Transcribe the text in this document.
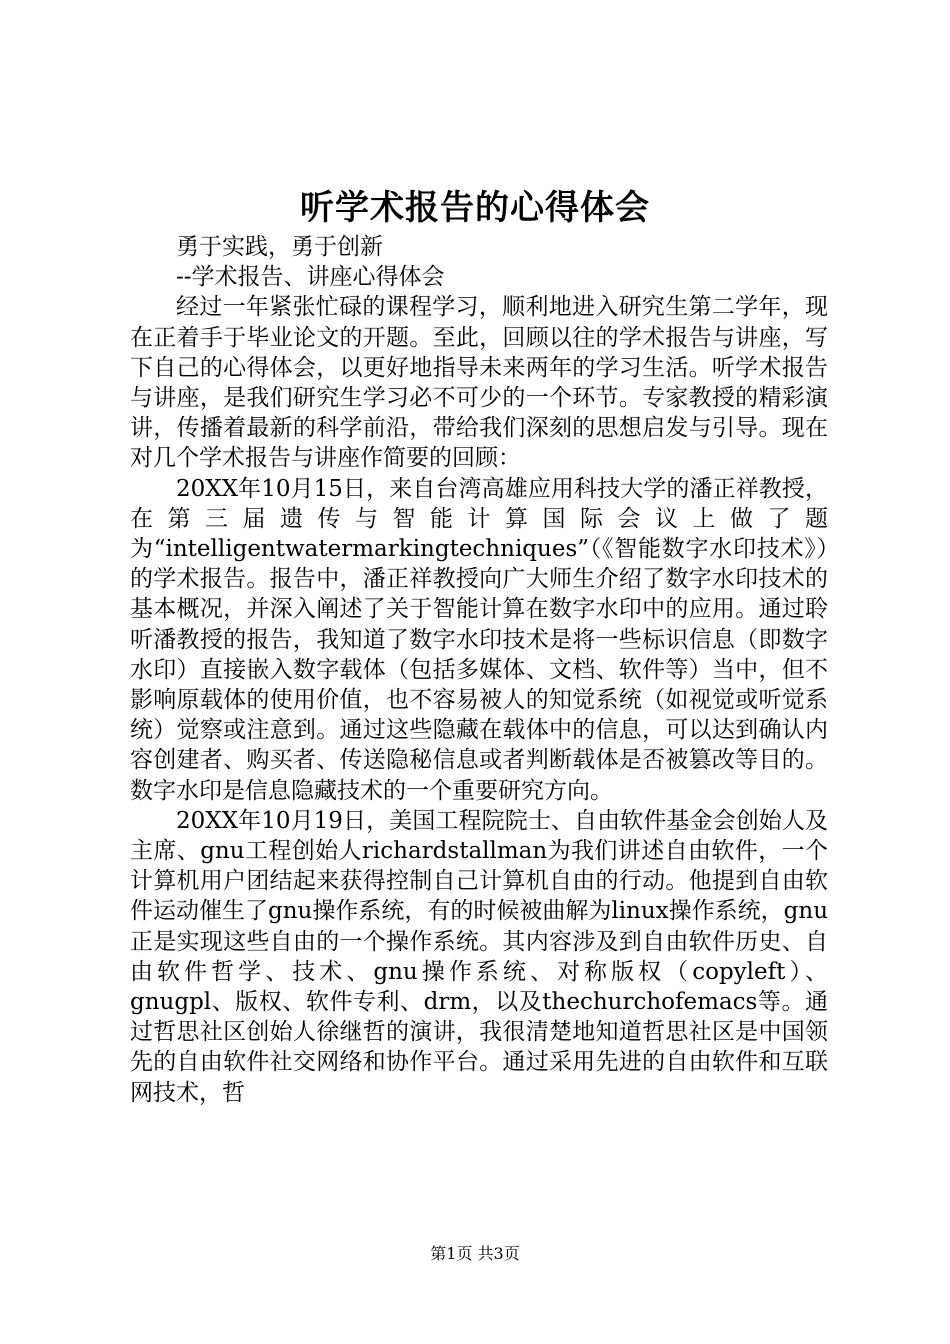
听学术报告的心得体会

勇于实践，勇于创新

--学术报告、讲座心得体会

经过一年紧张忙碌的课程学习，顺利地进入研究生第二学年，现在正着手于毕业论文的开题。至此，回顾以往的学术报告与讲座，写下自己的心得体会，以更好地指导未来两年的学习生活。听学术报告与讲座，是我们研究生学习必不可少的一个环节。专家教授的精彩演讲，传播着最新的科学前沿，带给我们深刻的思想启发与引导。现在对几个学术报告与讲座作简要的回顾：

20XX年10月15日，来自台湾高雄应用科技大学的潘正祥教授，在第三届遗传与智能计算国际会议上做了题为“intelligentwatermarkingtechniques”（《智能数字水印技术》）的学术报告。报告中，潘正祥教授向广大师生介绍了数字水印技术的基本概况，并深入阐述了关于智能计算在数字水印中的应用。通过聆听潘教授的报告，我知道了数字水印技术是将一些标识信息（即数字水印）直接嵌入数字载体（包括多媒体、文档、软件等）当中，但不影响原载体的使用价值，也不容易被人的知觉系统（如视觉或听觉系统）觉察或注意到。通过这些隐藏在载体中的信息，可以达到确认内容创建者、购买者、传送隐秘信息或者判断载体是否被篡改等目的。数字水印是信息隐藏技术的一个重要研究方向。

20XX年10月19日，美国工程院院士、自由软件基金会创始人及主席、gnu工程创始人richardstallman为我们讲述自由软件，一个计算机用户团结起来获得控制自己计算机自由的行动。他提到自由软件运动催生了gnu操作系统，有的时候被曲解为linux操作系统，gnu正是实现这些自由的一个操作系统。其内容涉及到自由软件历史、自由软件哲学、技术、gnu操作系统、对称版权（copyleft）、gnugpl、版权、软件专利、drm，以及thechurchofemacs等。通过哲思社区创始人徐继哲的演讲，我很清楚地知道哲思社区是中国领先的自由软件社交网络和协作平台。通过采用先进的自由软件和互联网技术，哲

第1页 共3页
